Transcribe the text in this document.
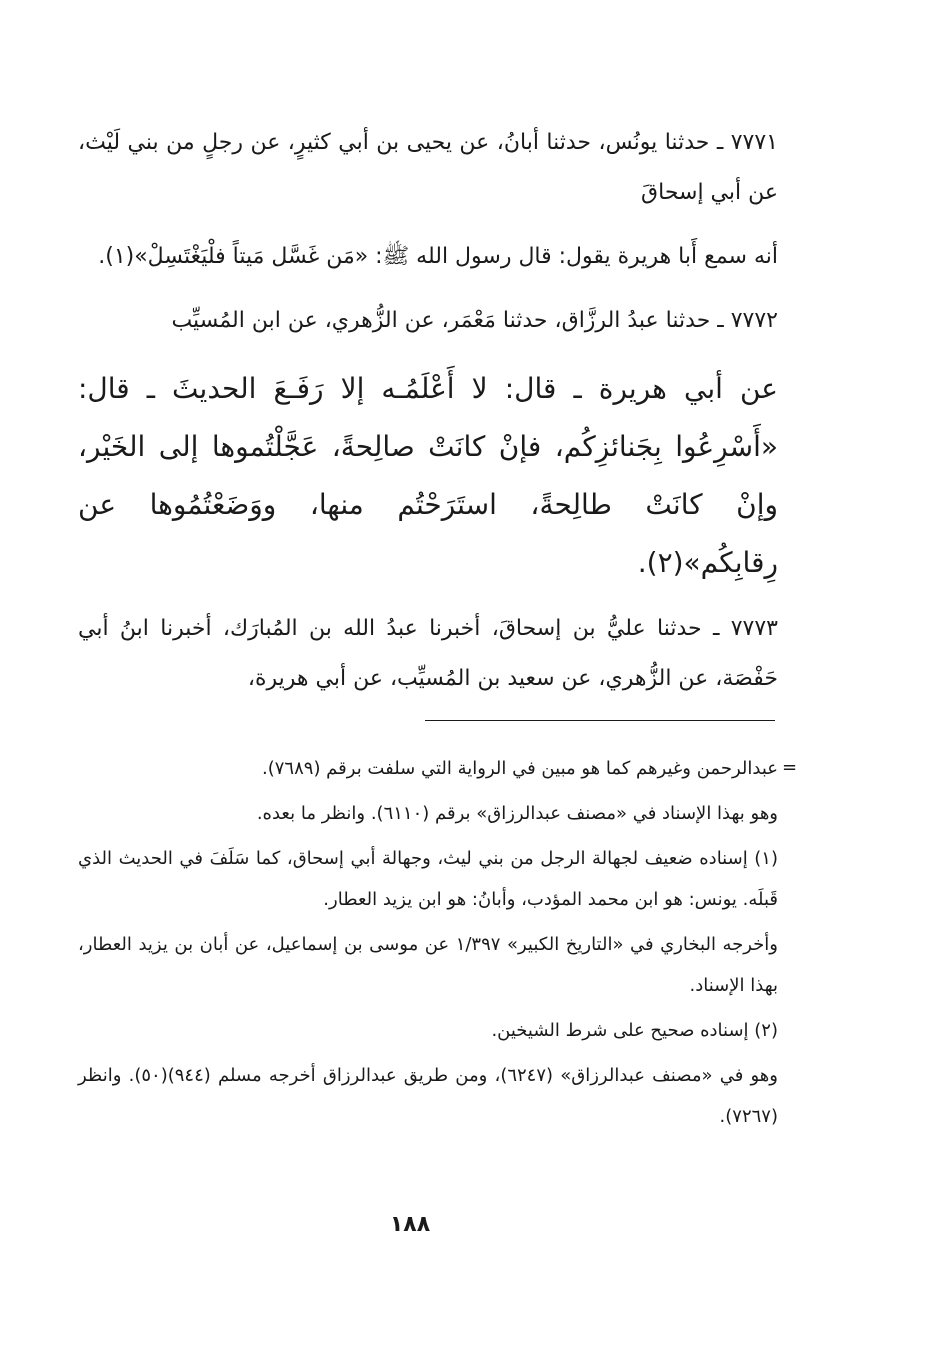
٧٧٧١ ـ حدثنا يونُس، حدثنا أبانُ، عن يحيى بن أبي كثيرٍ، عن رجلٍ من بني لَيْث، عن أبي إسحاقَ

أنه سمع أَبا هريرة يقول: قال رسول الله ﷺ: «مَن غَسَّل مَيتاً فلْيَغْتَسِلْ»(١).

٧٧٧٢ ـ حدثنا عبدُ الرزَّاق، حدثنا مَعْمَر، عن الزُّهري، عن ابن المُسيِّب

عن أبي هريرة ـ قال: لا أَعْلَمُـه إلا رَفَـعَ الحديثَ ـ قال: «أَسْرِعُوا بِجَنائزِكُم، فإنْ كانَتْ صالِحةً، عَجَّلْتُموها إلى الخَيْر، وإنْ كانَتْ طالِحةً، استَرَحْتُم منها، ووَضَعْتُمُوها عن رِقابِكُم»(٢).

٧٧٧٣ ـ حدثنا عليُّ بن إسحاقَ، أخبرنا عبدُ الله بن المُبارَك، أخبرنا ابنُ أبي حَفْصَة، عن الزُّهري، عن سعيد بن المُسيِّب، عن أبي هريرة،

=

عبدالرحمن وغيرهم كما هو مبين في الرواية التي سلفت برقم (٧٦٨٩).

وهو بهذا الإسناد في «مصنف عبدالرزاق» برقم (٦١١٠). وانظر ما بعده.

(١) إسناده ضعيف لجهالة الرجل من بني ليث، وجهالة أبي إسحاق، كما سَلَفَ في الحديث الذي قَبلَه. يونس: هو ابن محمد المؤدب، وأبانُ: هو ابن يزيد العطار.

وأخرجه البخاري في «التاريخ الكبير» ١/٣٩٧ عن موسى بن إسماعيل، عن أبان بن يزيد العطار، بهذا الإسناد.

(٢) إسناده صحيح على شرط الشيخين.

وهو في «مصنف عبدالرزاق» (٦٢٤٧)، ومن طريق عبدالرزاق أخرجه مسلم (٩٤٤)(٥٠). وانظر (٧٢٦٧).

١٨٨
